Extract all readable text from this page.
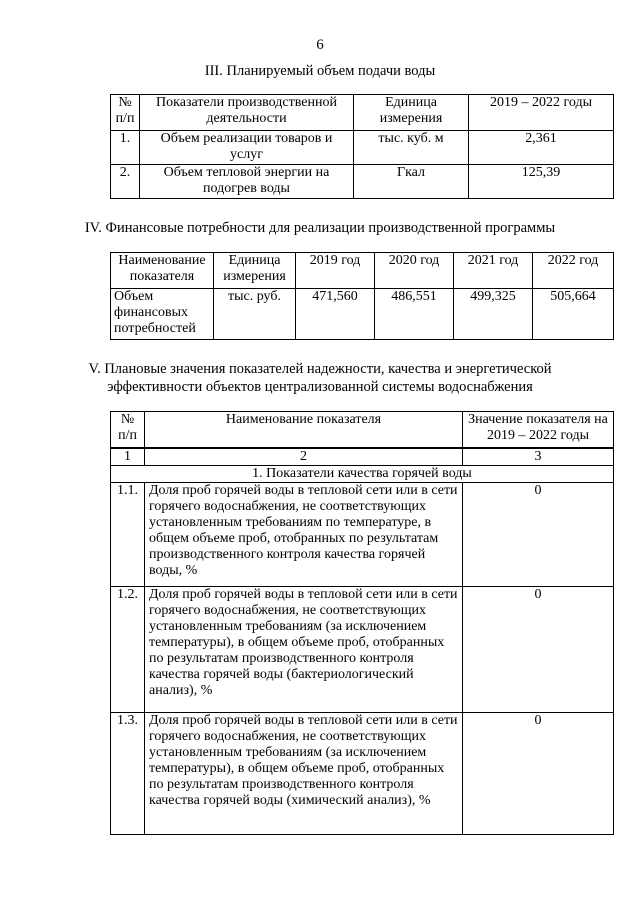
6
III. Планируемый объем подачи воды
№ п/п	Показатели производственной деятельности	Единица измерения	2019 – 2022 годы
1.	Объем реализации товаров и услуг	тыс. куб. м	2,361
2.	Объем тепловой энергии на подогрев воды	Гкал	125,39
IV. Финансовые потребности для реализации производственной программы
Наименование показателя	Единица измерения	2019 год	2020 год	2021 год	2022 год
Объем финансовых потребностей	тыс. руб.	471,560	486,551	499,325	505,664
V. Плановые значения показателей надежности, качества и энергетической
эффективности объектов централизованной системы водоснабжения
№ п/п	Наименование показателя	Значение показателя на 2019 – 2022 годы
1	2	3
1. Показатели качества горячей воды		
1.1.	Доля проб горячей воды в тепловой сети или в сети горячего водоснабжения, не соответствующих установленным требованиям по температуре, в общем объеме проб, отобранных по результатам производственного контроля качества горячей воды, %	0
1.2.	Доля проб горячей воды в тепловой сети или в сети горячего водоснабжения, не соответствующих установленным требованиям (за исключением температуры), в общем объеме проб, отобранных по результатам производственного контроля качества горячей воды (бактериологический анализ), %	0
1.3.	Доля проб горячей воды в тепловой сети или в сети горячего водоснабжения, не соответствующих установленным требованиям (за исключением температуры), в общем объеме проб, отобранных по результатам производственного контроля качества горячей воды (химический анализ), %	0
